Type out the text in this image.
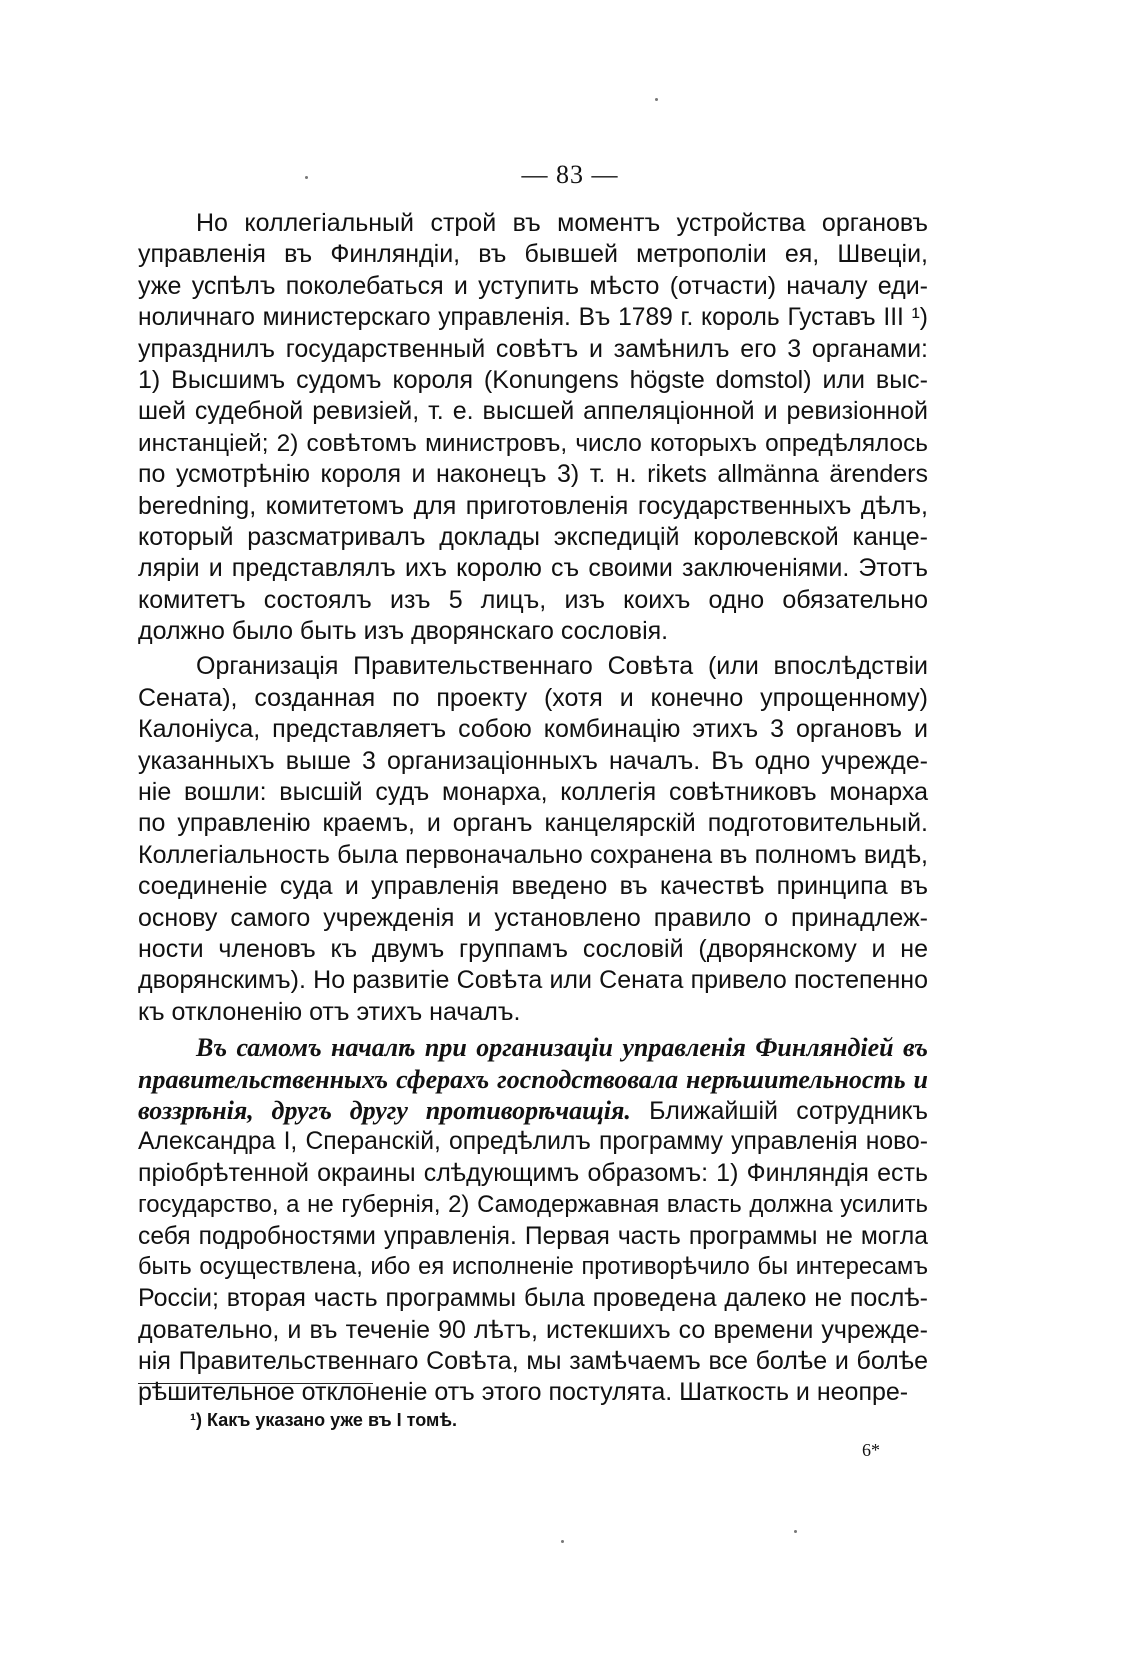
— 83 —
Но коллегіальный строй въ моментъ устройства органовъ
управленія въ Финляндіи, въ бывшей метрополіи ея, Швеціи,
уже успѣлъ поколебаться и уступить мѣсто (отчасти) началу еди-
ноличнаго министерскаго управленія. Въ 1789 г. король Густавъ III ¹)
упразднилъ государственный совѣтъ и замѣнилъ его 3 органами:
1) Высшимъ судомъ короля (Konungens högste domstol) или выс-
шей судебной ревизіей, т. е. высшей аппеляціонной и ревизіонной
инстанціей; 2) совѣтомъ министровъ, число которыхъ опредѣлялось
по усмотрѣнію короля и наконецъ 3) т. н. rikets allmänna ärenders
beredning, комитетомъ для приготовленія государственныхъ дѣлъ,
который разсматривалъ доклады экспедицій королевской канце-
ляріи и представлялъ ихъ королю съ своими заключеніями. Этотъ
комитетъ состоялъ изъ 5 лицъ, изъ коихъ одно обязательно
должно было быть изъ дворянскаго сословія.
Организація Правительственнаго Совѣта (или впослѣдствіи
Сената), созданная по проекту (хотя и конечно упрощенному)
Калоніуса, представляетъ собою комбинацію этихъ 3 органовъ и
указанныхъ выше 3 организаціонныхъ началъ. Въ одно учрежде-
ніе вошли: высшій судъ монарха, коллегія совѣтниковъ монарха
по управленію краемъ, и органъ канцелярскій подготовительный.
Коллегіальность была первоначально сохранена въ полномъ видѣ,
соединеніе суда и управленія введено въ качествѣ принципа въ
основу самого учрежденія и установлено правило о принадлеж-
ности членовъ къ двумъ группамъ сословій (дворянскому и не
дворянскимъ). Но развитіе Совѣта или Сената привело постепенно
къ отклоненію отъ этихъ началъ.
Въ самомъ началѣ при организаціи управленія Финляндіей въ
правительственныхъ сферахъ господствовала нерѣшительность и
воззрѣнія, другъ другу противорѣчащія. Ближайшій сотрудникъ
Александра I, Сперанскій, опредѣлилъ программу управленія ново-
пріобрѣтенной окраины слѣдующимъ образомъ: 1) Финляндія есть
государство, а не губернія, 2) Самодержавная власть должна усилить
себя подробностями управленія. Первая часть программы не могла
быть осуществлена, ибо ея исполненіе противорѣчило бы интересамъ
Россіи; вторая часть программы была проведена далеко не послѣ-
довательно, и въ теченіе 90 лѣтъ, истекшихъ со времени учрежде-
нія Правительственнаго Совѣта, мы замѣчаемъ все болѣе и болѣе
рѣшительное отклоненіе отъ этого постулята. Шаткость и неопре-
¹) Какъ указано уже въ I томѣ.
6*
